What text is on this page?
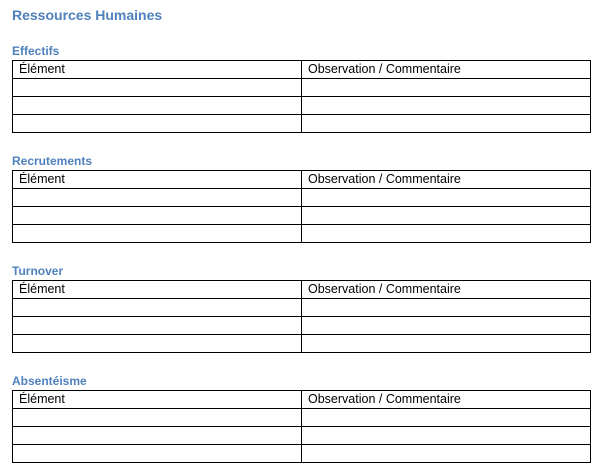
Ressources Humaines
Effectifs
Élément	Observation / Commentaire

Recrutements
Élément	Observation / Commentaire

Turnover
Élément	Observation / Commentaire

Absentéisme
Élément	Observation / Commentaire
